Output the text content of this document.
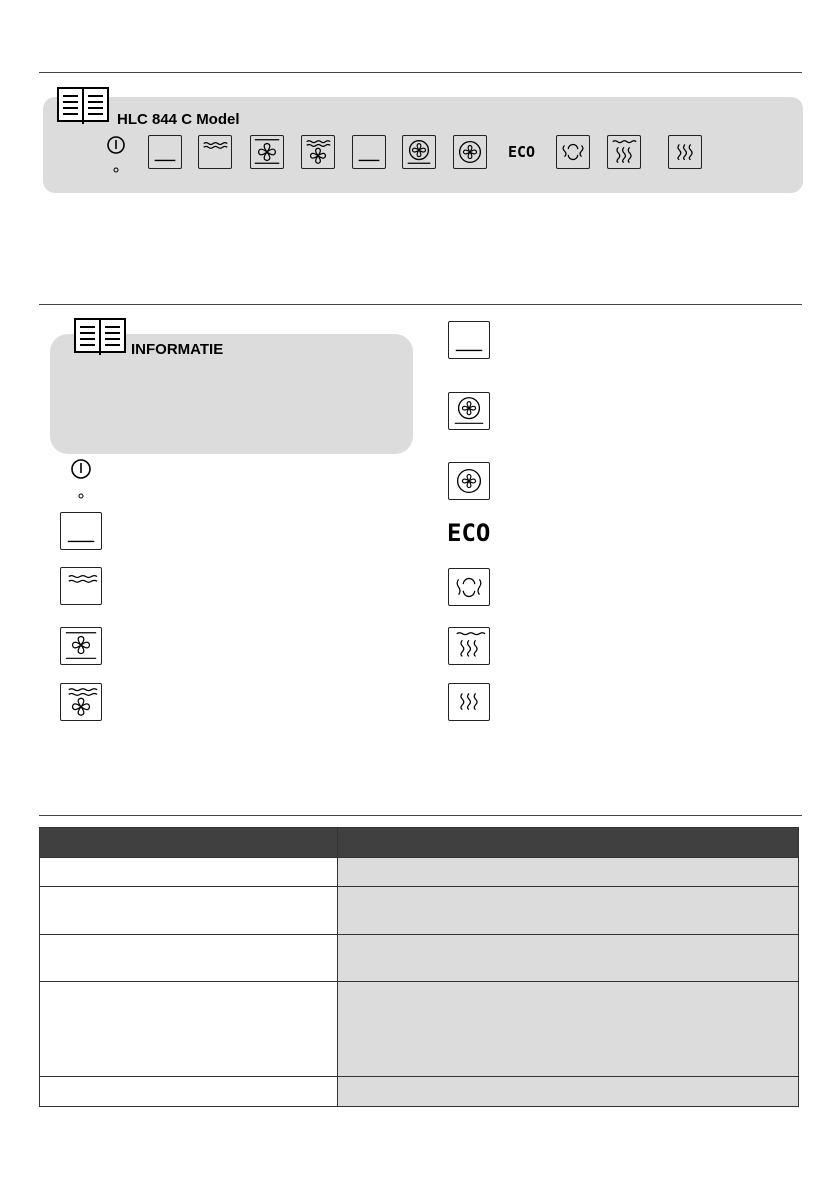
HLC 844 C Model
ECO
INFORMATIE
ECO
